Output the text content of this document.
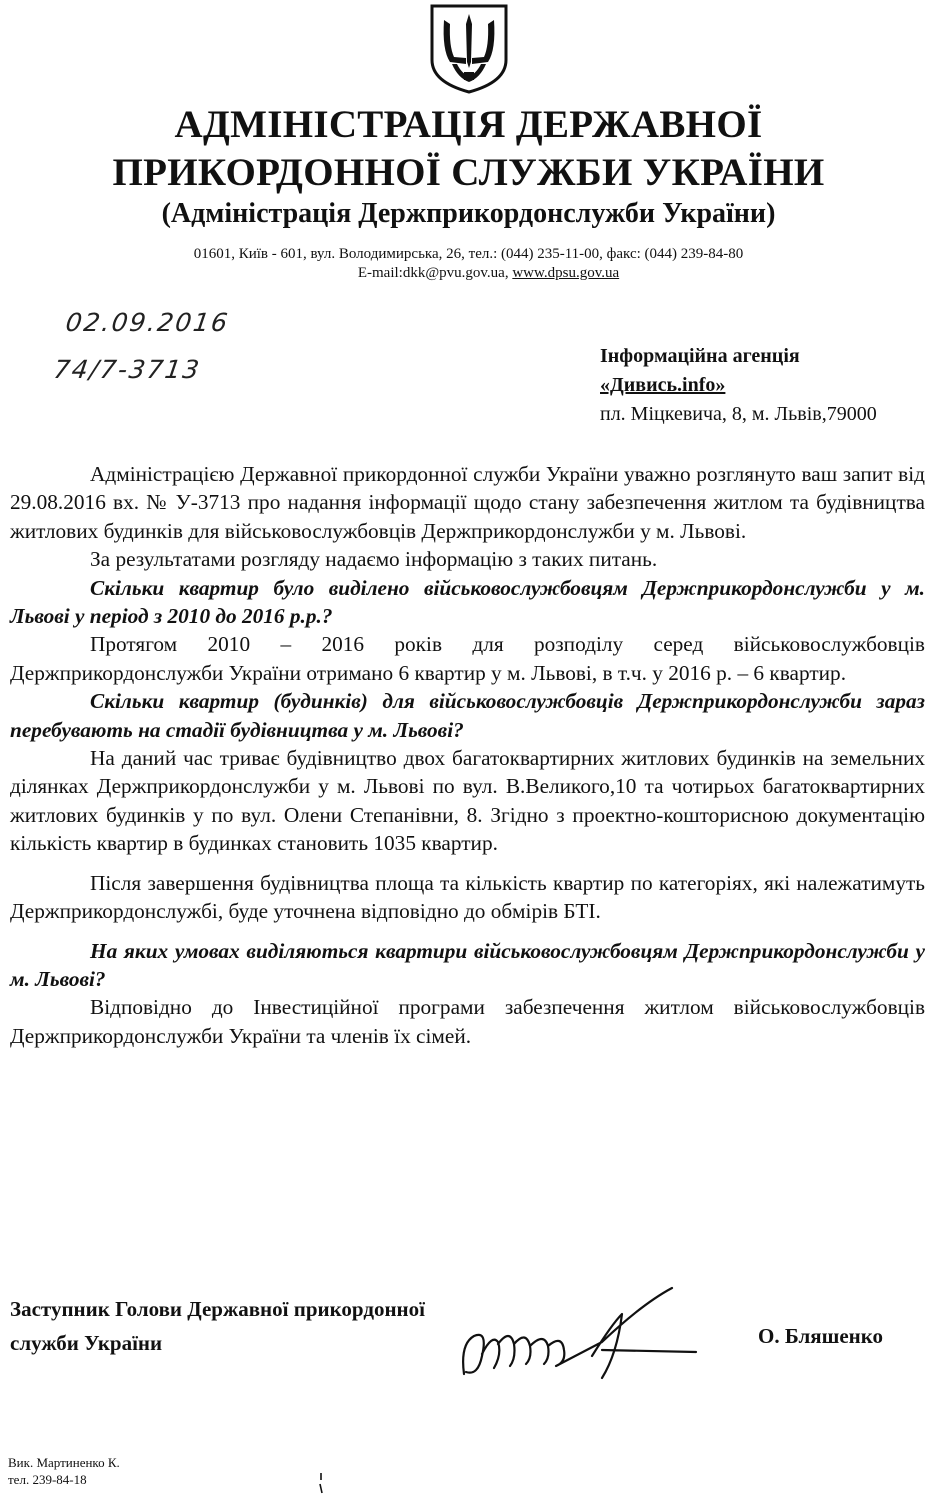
АДМІНІСТРАЦІЯ ДЕРЖАВНОЇ
ПРИКОРДОННОЇ СЛУЖБИ УКРАЇНИ
(Адміністрація Держприкордонслужби України)
01601, Київ - 601, вул. Володимирська, 26, тел.: (044) 235-11-00, факс: (044) 239-84-80
E-mail:dkk@pvu.gov.ua, www.dpsu.gov.ua
02.09.2016
74/7-3713	Інформаційна агенція
«Дивись.info»
пл. Міцкевича, 8, м. Львів,79000

Адміністрацією Державної прикордонної служби України уважно розглянуто ваш запит від 29.08.2016 вх. № У-3713 про надання інформації щодо стану забезпечення житлом та будівництва житлових будинків для військовослужбовців Держприкордонслужби у м. Львові.

За результатами розгляду надаємо інформацію з таких питань.

Скільки квартир було виділено військовослужбовцям Держприкордонслужби у м. Львові у період з 2010 до 2016 р.р.?

Протягом 2010 – 2016 років для розподілу серед військовослужбовців Держприкордонслужби України отримано 6 квартир у м. Львові, в т.ч. у 2016 р. – 6 квартир.

Скільки квартир (будинків) для військовослужбовців Держприкордонслужби зараз перебувають на стадії будівництва у м. Львові?

На даний час триває будівництво двох багатоквартирних житлових будинків на земельних ділянках Держприкордонслужби у м. Львові по вул. В.Великого,10 та чотирьох багатоквартирних житлових будинків у по вул. Олени Степанівни, 8. Згідно з проектно-кошторисною документацію кількість квартир в будинках становить 1035 квартир.

Після завершення будівництва площа та кількість квартир по категоріях, які належатимуть Держприкордонслужбі, буде уточнена відповідно до обмірів БТІ.

На яких умовах виділяються квартири військовослужбовцям Держприкордонслужби у м. Львові?

Відповідно до Інвестиційної програми забезпечення житлом військовослужбовців Держприкордонслужби України та членів їх сімей.

Заступник Голови Державної прикордонної
служби України	О. Бляшенко
Вик. Мартиненко К.
тел. 239-84-18
